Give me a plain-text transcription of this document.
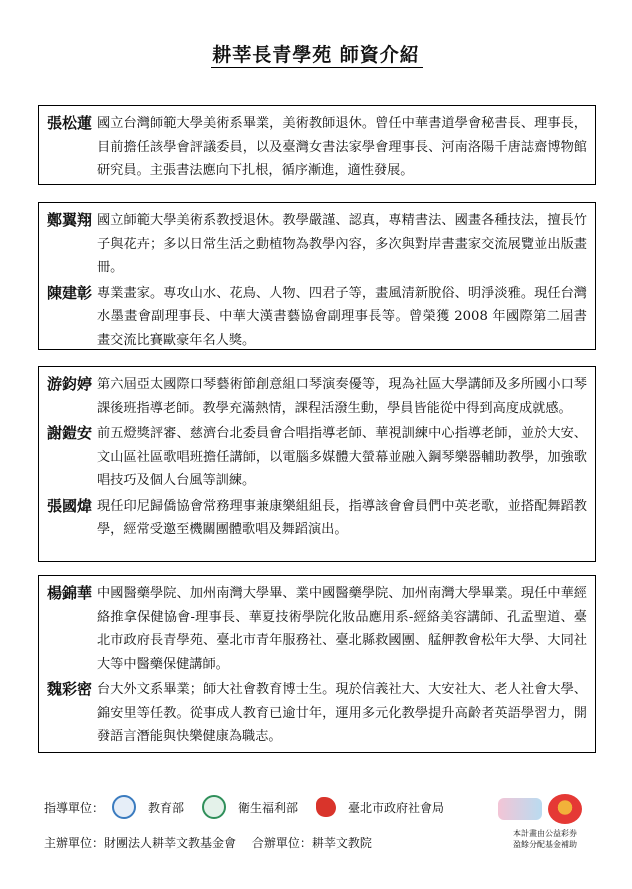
耕莘長青學苑 師資介紹
張松蓮 國立台灣師範大學美術系畢業，美術教師退休。曾任中華書道學會秘書長、理事長，目前擔任該學會評議委員，以及臺灣女書法家學會理事長、河南洛陽千唐誌齋博物館研究員。主張書法應向下扎根，循序漸進，適性發展。
鄭翼翔 國立師範大學美術系教授退休。教學嚴謹、認真，專精書法、國畫各種技法，擅長竹子與花卉；多以日常生活之動植物為教學內容，多次與對岸書畫家交流展覽並出版畫冊。
陳建彰 專業畫家。專攻山水、花鳥、人物、四君子等，畫風清新脫俗、明淨淡雅。現任台灣水墨畫會副理事長、中華大漢書藝協會副理事長等。曾榮獲 2008 年國際第二屆書畫交流比賽歐豪年名人獎。
游鈞婷 第六屆亞太國際口琴藝術節創意組口琴演奏優等，現為社區大學講師及多所國小口琴課後班指導老師。教學充滿熱情，課程活潑生動，學員皆能從中得到高度成就感。
謝鎧安 前五燈獎評審、慈濟台北委員會合唱指導老師、華視訓練中心指導老師，並於大安、文山區社區歌唱班擔任講師，以電腦多媒體大螢幕並融入鋼琴樂器輔助教學，加強歌唱技巧及個人台風等訓練。
張國煒 現任印尼歸僑協會常務理事兼康樂組組長，指導該會會員們中英老歌，並搭配舞蹈教學，經常受邀至機關團體歌唱及舞蹈演出。
楊錦華 中國醫藥學院、加州南灣大學畢、業中國醫藥學院、加州南灣大學畢業。現任中華經絡推拿保健協會-理事長、華夏技術學院化妝品應用系-經絡美容講師、孔孟聖道、臺北市政府長青學苑、臺北市青年服務社、臺北縣救國團、艋舺教會松年大學、大同社大等中醫藥保健講師。
魏彩密 台大外文系畢業；師大社會教育博士生。現於信義社大、大安社大、老人社會大學、錦安里等任教。從事成人教育已逾廿年，運用多元化教學提升高齡者英語學習力，開發語言潛能與快樂健康為職志。
指導單位：	教育部	衛生福利部	臺北市政府社會局
主辦單位：財團法人耕莘文教基金會　 合辦單位：耕莘文教院
本計畫由公益彩券
盈餘分配基金補助
